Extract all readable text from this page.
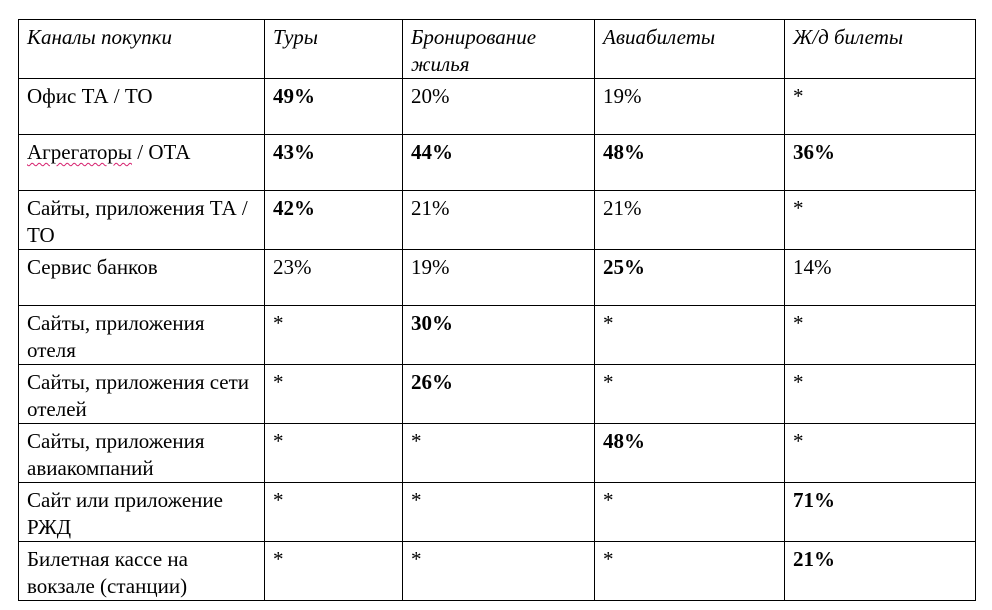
Каналы покупки	Туры	Бронирование жилья	Авиабилеты	Ж/д билеты
Офис ТА / ТО	49%	20%	19%	*
Агрегаторы / ОТА	43%	44%	48%	36%
Сайты, приложения ТА / ТО	42%	21%	21%	*
Сервис банков	23%	19%	25%	14%
Сайты, приложения отеля	*	30%	*	*
Сайты, приложения сети отелей	*	26%	*	*
Сайты, приложения авиакомпаний	*	*	48%	*
Сайт или приложение РЖД	*	*	*	71%
Билетная кассе на вокзале (станции)	*	*	*	21%
